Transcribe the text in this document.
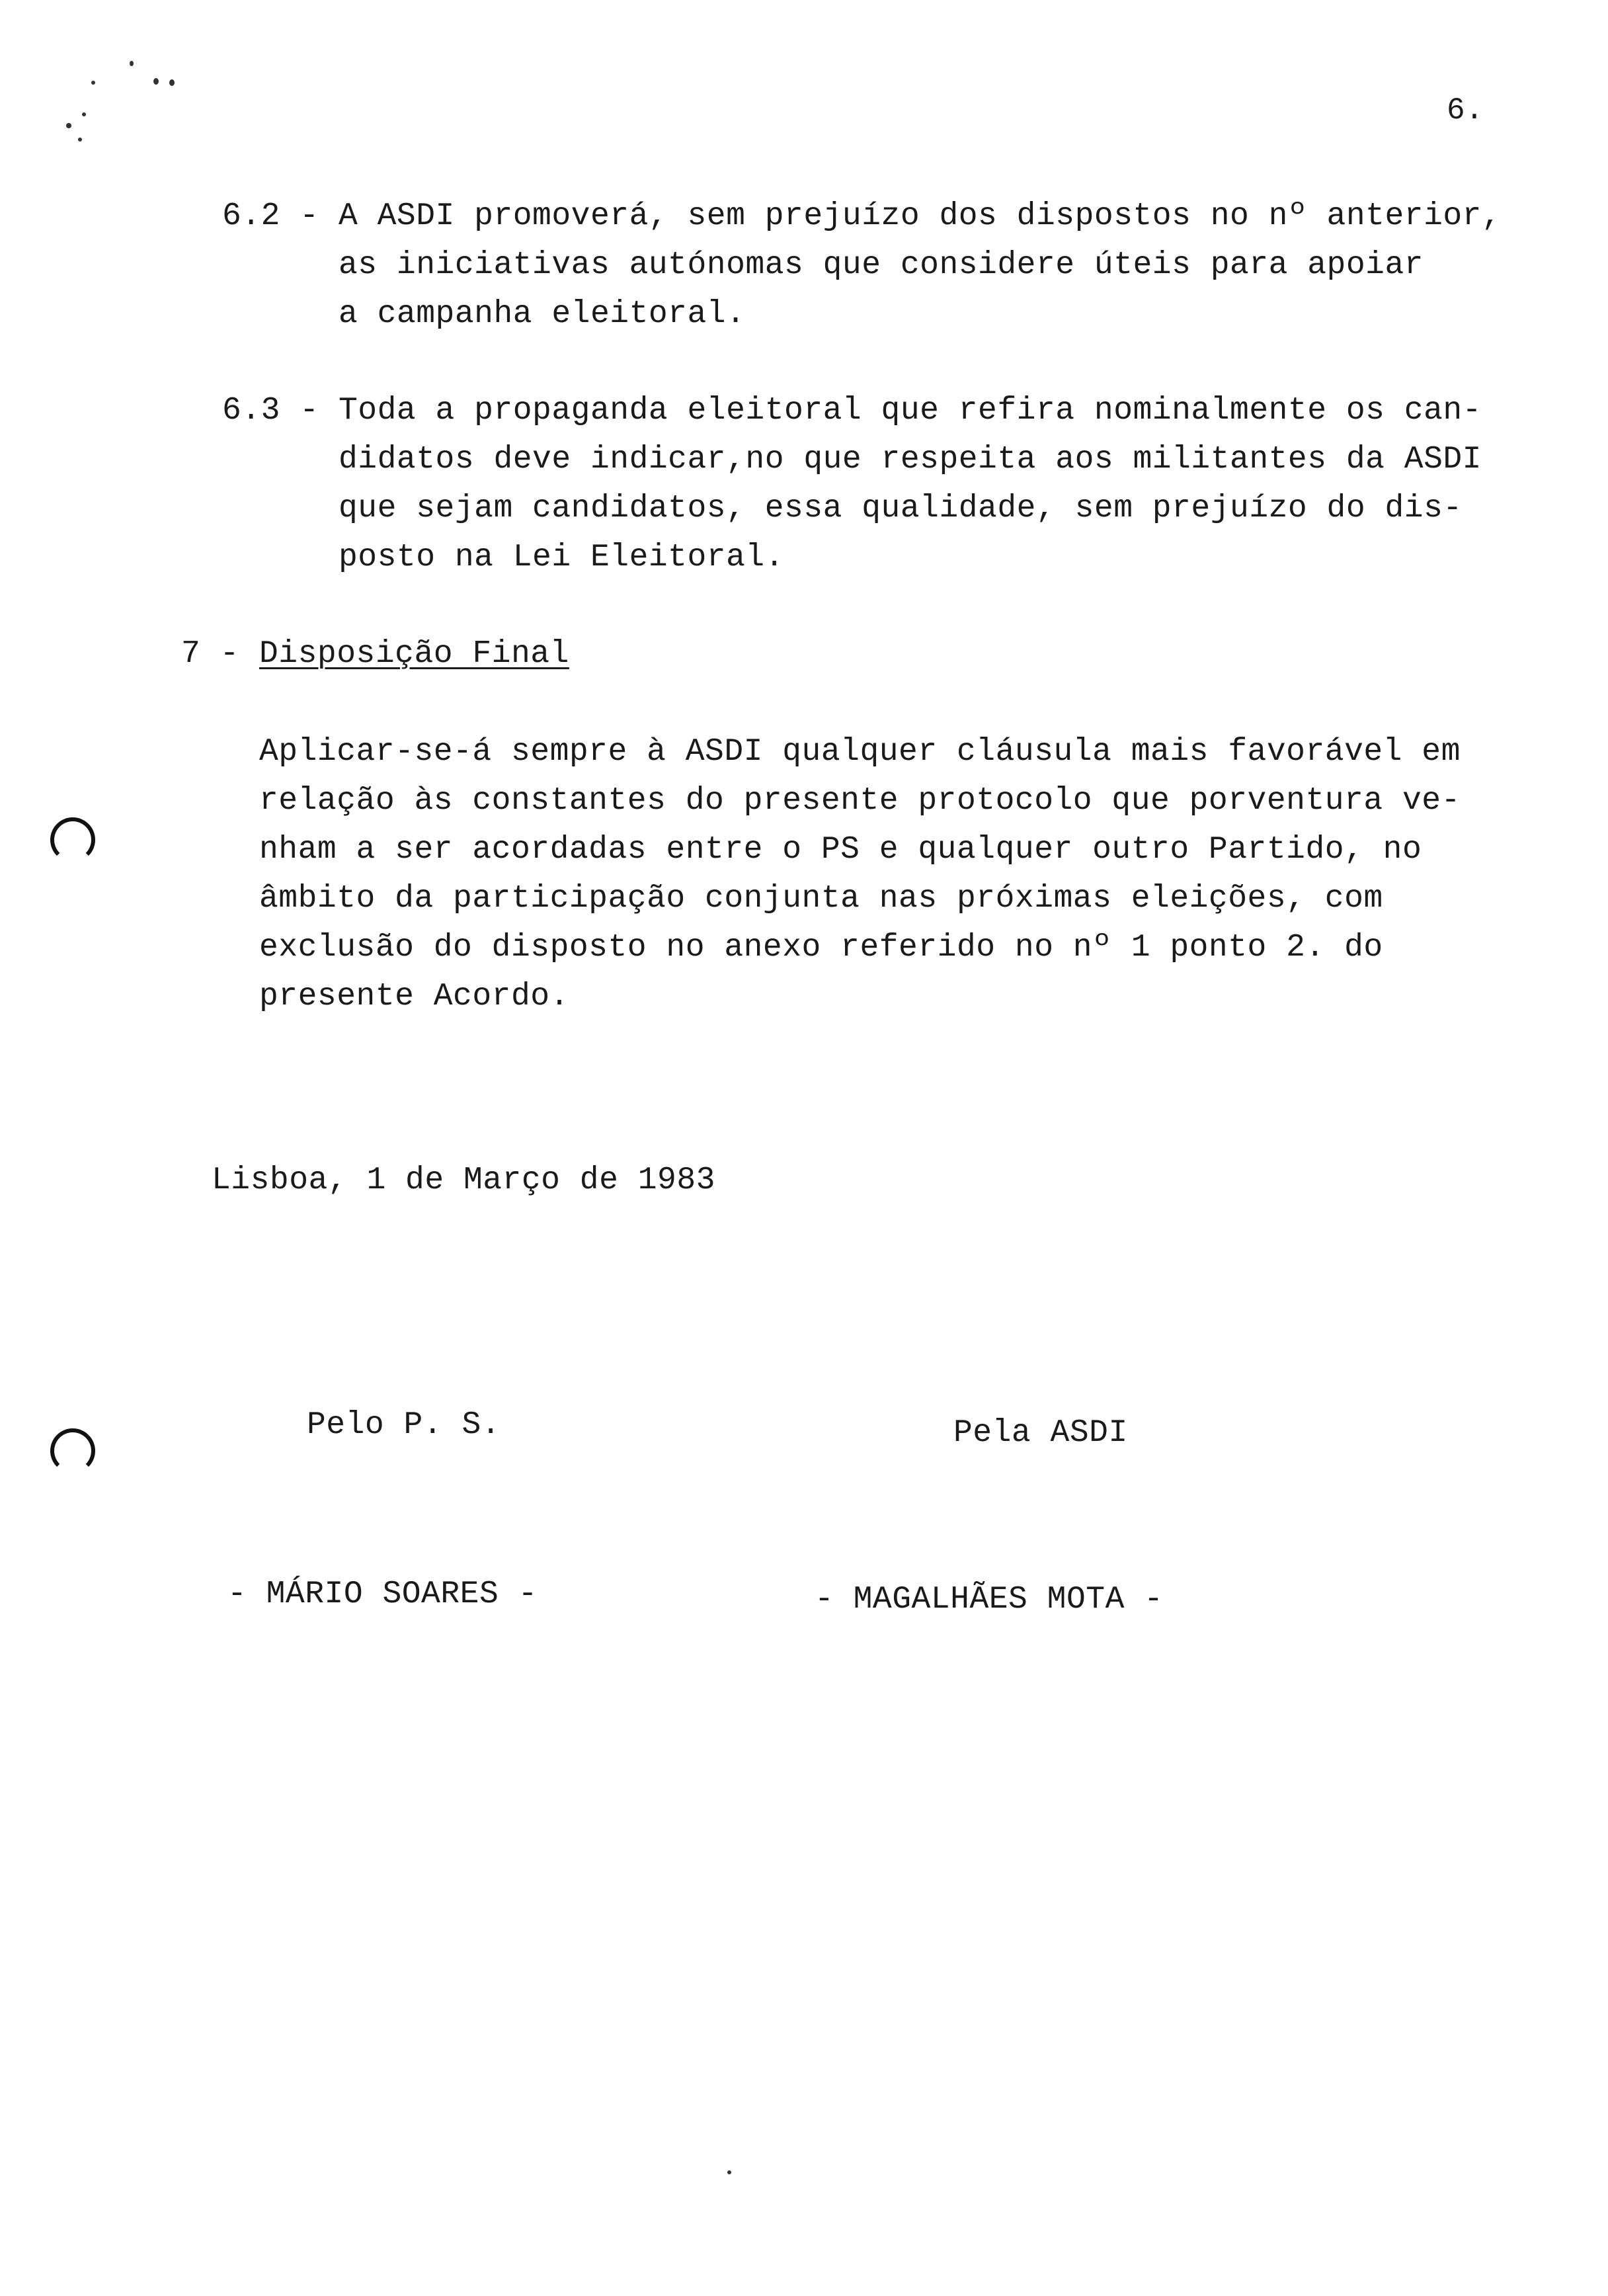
6.
6.2 - A ASDI promoverá, sem prejuízo dos dispostos no nº anterior,
as iniciativas autónomas que considere úteis para apoiar
a campanha eleitoral.
6.3 - Toda a propaganda eleitoral que refira nominalmente os can-
didatos deve indicar,no que respeita aos militantes da ASDI
que sejam candidatos, essa qualidade, sem prejuízo do dis-
posto na Lei Eleitoral.
7 - Disposição Final
Aplicar-se-á sempre à ASDI qualquer cláusula mais favorável em
relação às constantes do presente protocolo que porventura ve-
nham a ser acordadas entre o PS e qualquer outro Partido, no
âmbito da participação conjunta nas próximas eleições, com
exclusão do disposto no anexo referido no nº 1 ponto 2. do
presente Acordo.
Lisboa, 1 de Março de 1983
Pelo P. S.	Pela ASDI
- MÁRIO SOARES -	- MAGALHÃES MOTA -
